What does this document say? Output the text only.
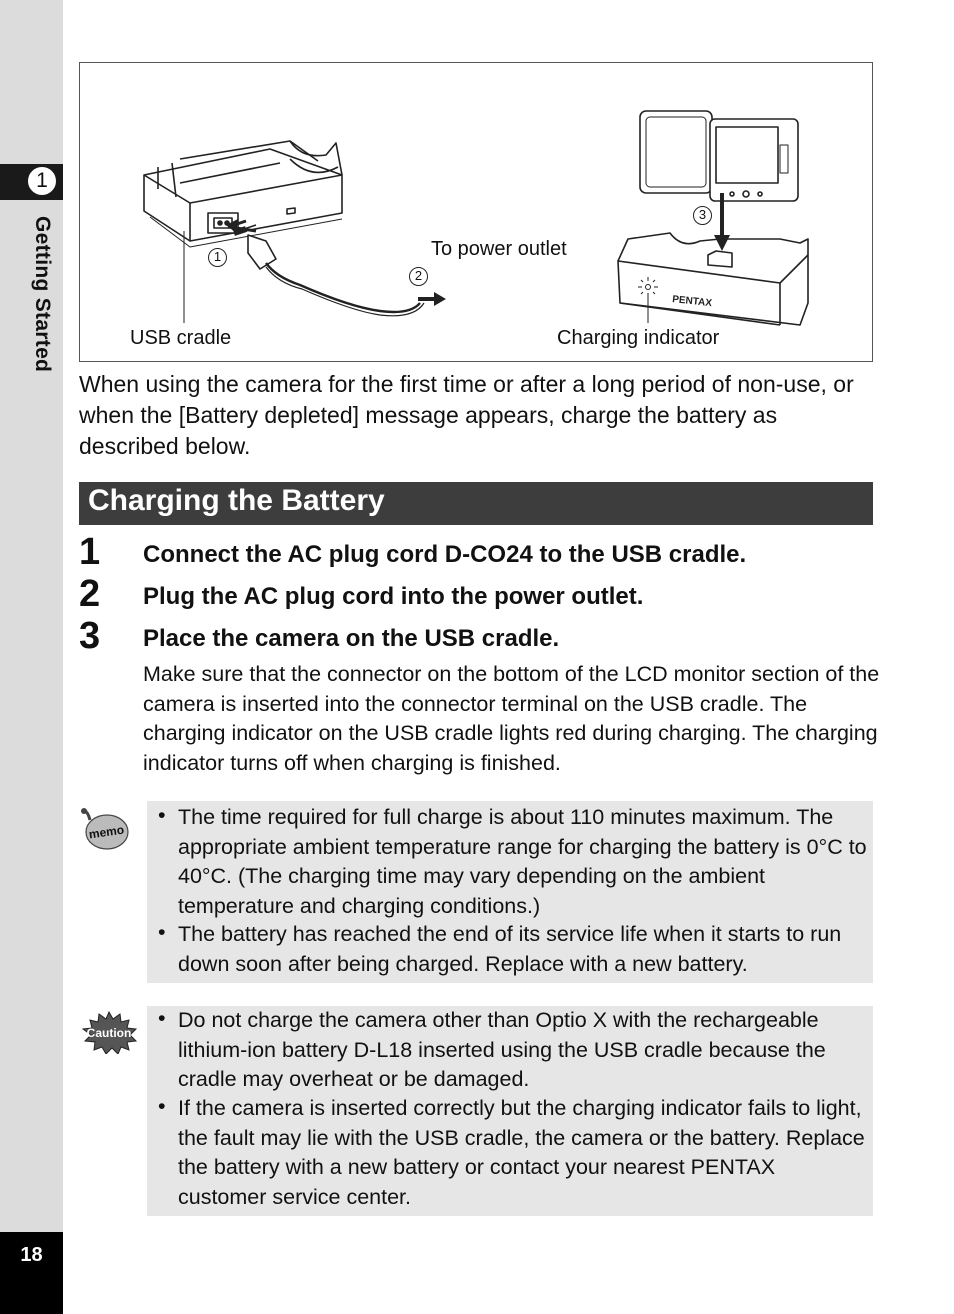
1
Getting Started
18
PENTAX
1
2
3
To power outlet
USB cradle	Charging indicator

When using the camera for the first time or after a long period of non-use, or when the [Battery depleted] message appears, charge the battery as described below.

Charging the Battery
1 Connect the AC plug cord D-CO24 to the USB cradle.
2 Plug the AC plug cord into the power outlet.
3 Place the camera on the USB cradle.

Make sure that the connector on the bottom of the LCD monitor section of the camera is inserted into the connector terminal on the USB cradle. The charging indicator on the USB cradle lights red during charging. The charging indicator turns off when charging is finished.

memo
• The time required for full charge is about 110 minutes maximum. The appropriate ambient temperature range for charging the battery is 0°C to 40°C. (The charging time may vary depending on the ambient temperature and charging conditions.)

• The battery has reached the end of its service life when it starts to run down soon after being charged. Replace with a new battery.

Caution
• Do not charge the camera other than Optio X with the rechargeable lithium-ion battery D-L18 inserted using the USB cradle because the cradle may overheat or be damaged.

• If the camera is inserted correctly but the charging indicator fails to light, the fault may lie with the USB cradle, the camera or the battery. Replace the battery with a new battery or contact your nearest PENTAX customer service center.
